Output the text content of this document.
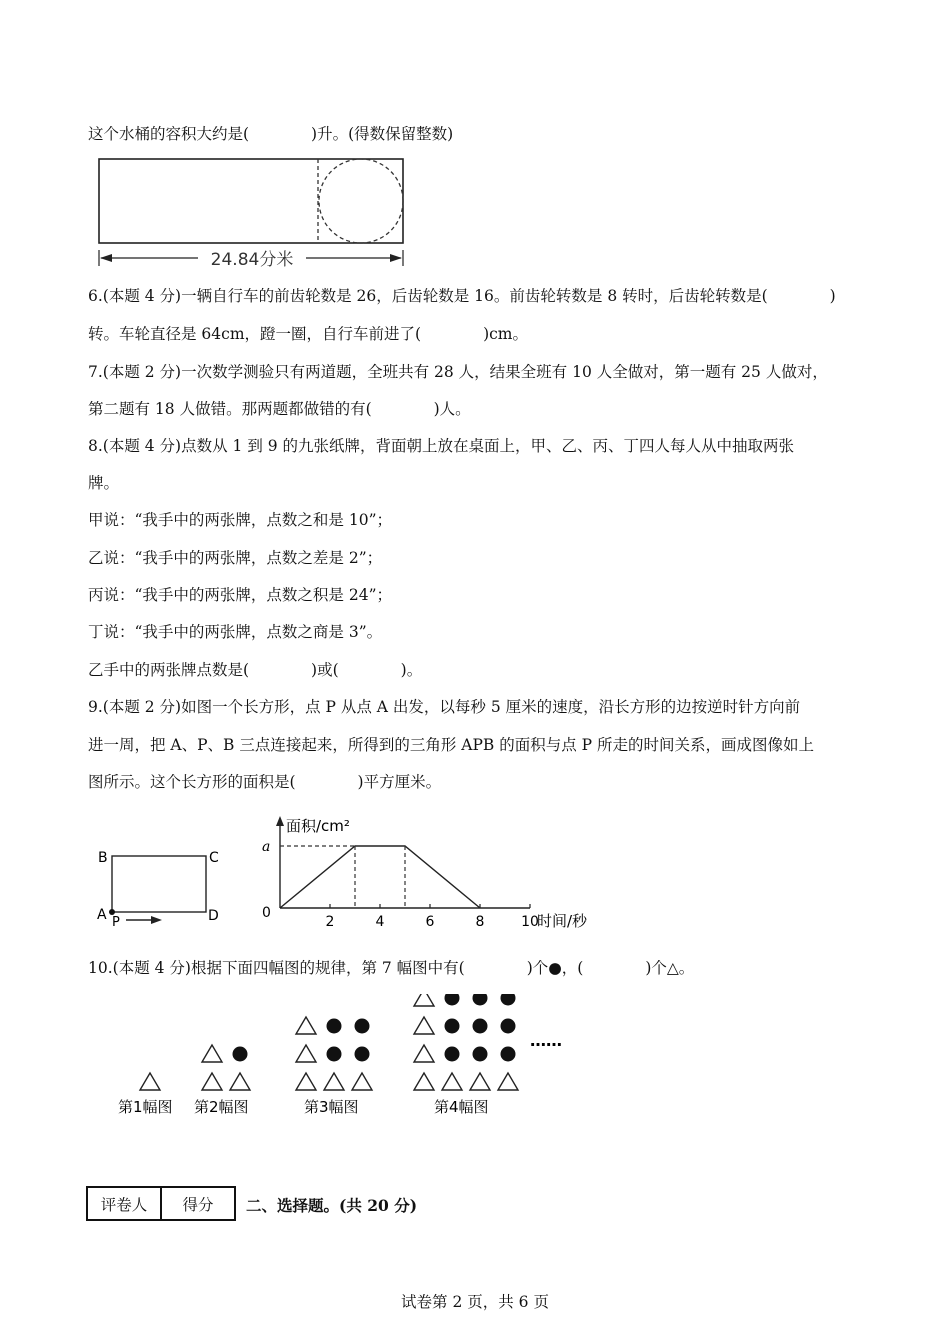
这个水桶的容积大约是(　　　　)升。(得数保留整数)
24.84分米
6.(本题 4 分)一辆自行车的前齿轮数是 26，后齿轮数是 16。前齿轮转数是 8 转时，后齿轮转数是(　　　　)
转。车轮直径是 64cm，蹬一圈，自行车前进了(　　　　)cm。
7.(本题 2 分)一次数学测验只有两道题，全班共有 28 人，结果全班有 10 人全做对，第一题有 25 人做对，
第二题有 18 人做错。那两题都做错的有(　　　　)人。
8.(本题 4 分)点数从 1 到 9 的九张纸牌，背面朝上放在桌面上，甲、乙、丙、丁四人每人从中抽取两张
牌。
甲说：“我手中的两张牌，点数之和是 10”；
乙说：“我手中的两张牌，点数之差是 2”；
丙说：“我手中的两张牌，点数之积是 24”；
丁说：“我手中的两张牌，点数之商是 3”。
乙手中的两张牌点数是(　　　　)或(　　　　)。
9.(本题 2 分)如图一个长方形，点 P 从点 A 出发，以每秒 5 厘米的速度，沿长方形的边按逆时针方向前
进一周，把 A、P、B 三点连接起来，所得到的三角形 APB 的面积与点 P 所走的时间关系，画成图像如上
图所示。这个长方形的面积是(　　　　)平方厘米。
B	C
A	D
P
面积/cm²
时间/秒
a
0
2	4	6	8	10
10.(本题 4 分)根据下面四幅图的规律，第 7 幅图中有(　　　　)个●，(　　　　)个△。
第1幅图 第2幅图	第3幅图	第4幅图
……
评卷人	得分 二、选择题。(共 20 分)
试卷第 2 页，共 6 页
